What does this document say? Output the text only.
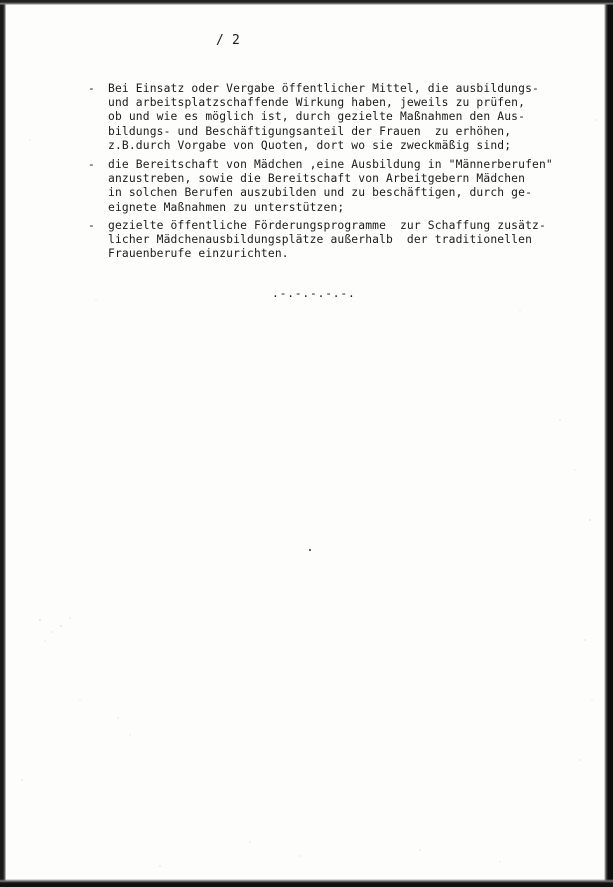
/ 2
- Bei Einsatz oder Vergabe öffentlicher Mittel, die ausbildungs-
und arbeitsplatzschaffende Wirkung haben, jeweils zu prüfen,
ob und wie es möglich ist, durch gezielte Maßnahmen den Aus-
bildungs- und Beschäftigungsanteil der Frauen  zu erhöhen,
z.B.durch Vorgabe von Quoten, dort wo sie zweckmäßig sind;
- die Bereitschaft von Mädchen ,eine Ausbildung in "Männerberufen"
anzustreben, sowie die Bereitschaft von Arbeitgebern Mädchen
in solchen Berufen auszubilden und zu beschäftigen, durch ge-
eignete Maßnahmen zu unterstützen;
- gezielte öffentliche Förderungsprogramme  zur Schaffung zusätz-
licher Mädchenausbildungsplätze außerhalb  der traditionellen
Frauenberufe einzurichten.
.-.-.-.-.-.
